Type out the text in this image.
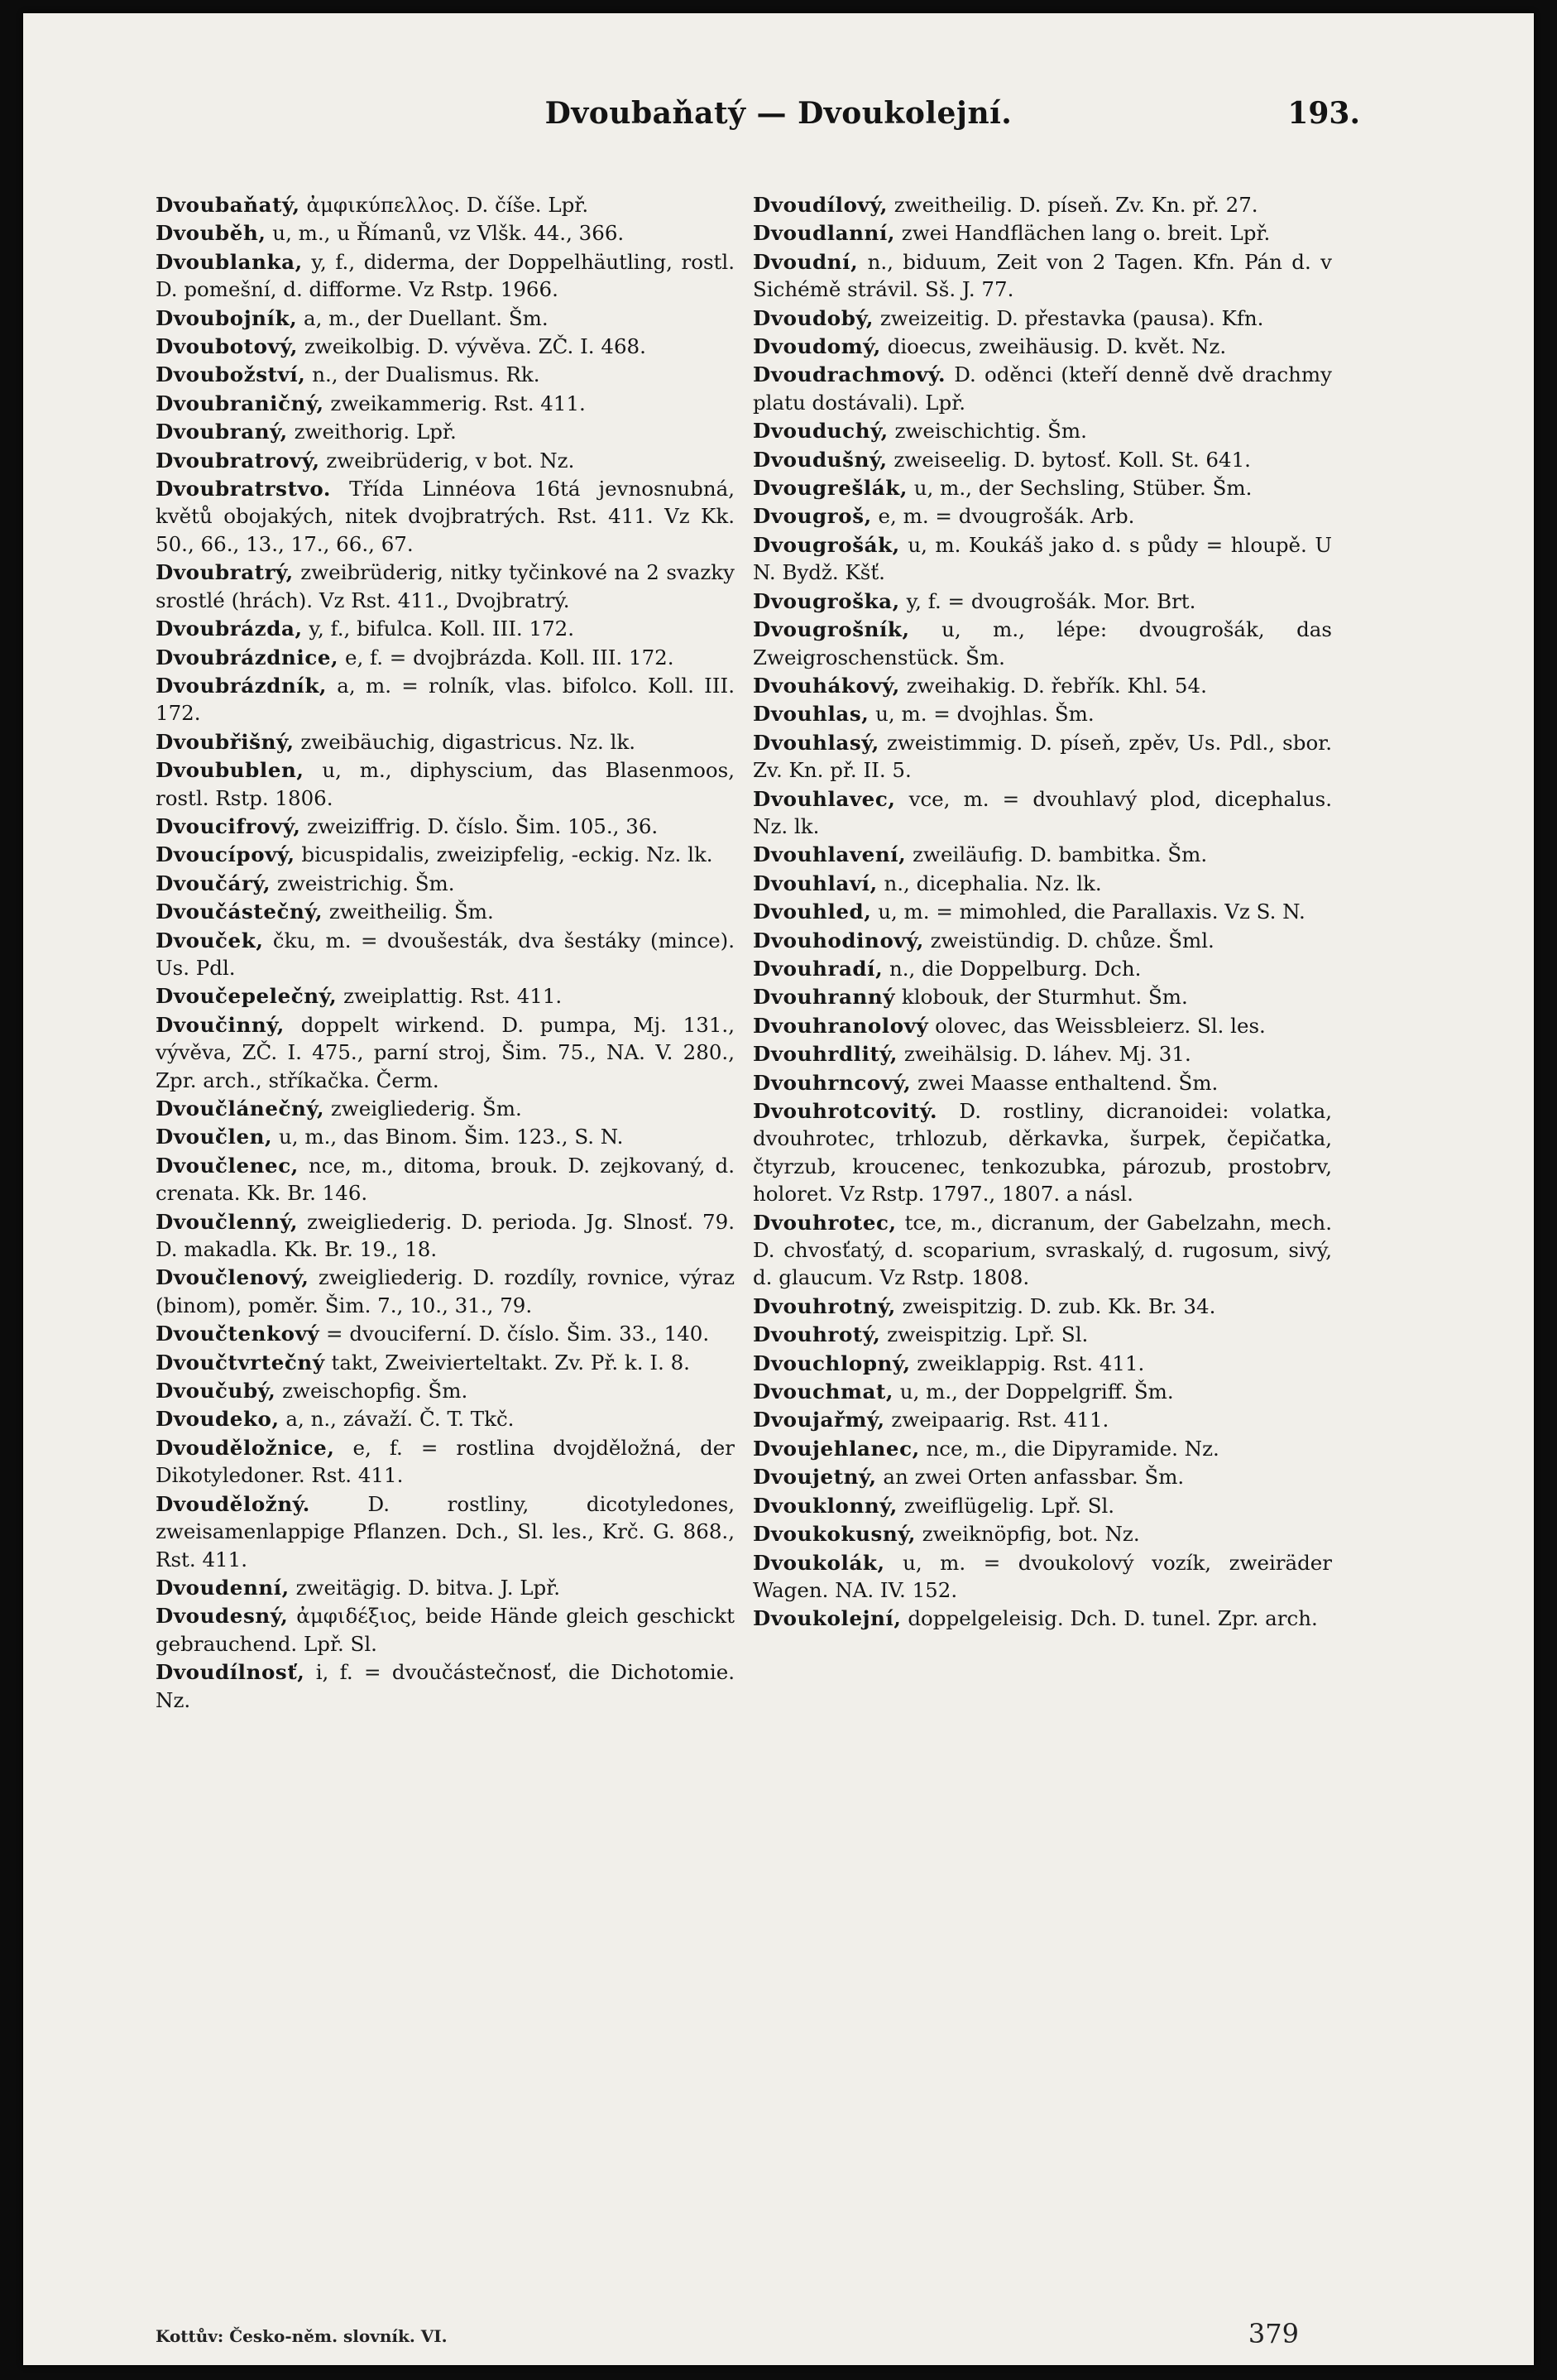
Dvoubaňatý — Dvoukolejní.	193.
Dvoubaňatý, ἀμφικύπελλος. D. číše. Lpř.
Dvouběh, u, m., u Římanů, vz Vlšk. 44., 366.
Dvoublanka, y, f., diderma, der Doppelhäutling, rostl. D. pomešní, d. difforme. Vz Rstp. 1966.
Dvoubojník, a, m., der Duellant. Šm.
Dvoubotový, zweikolbig. D. vývěva. ZČ. I. 468.
Dvoubožství, n., der Dualismus. Rk.
Dvoubraničný, zweikammerig. Rst. 411.
Dvoubraný, zweithorig. Lpř.
Dvoubratrový, zweibrüderig, v bot. Nz.
Dvoubratrstvo. Třída Linnéova 16tá jevnosnubná, květů obojakých, nitek dvojbratrých. Rst. 411. Vz Kk. 50., 66., 13., 17., 66., 67.
Dvoubratrý, zweibrüderig, nitky tyčinkové na 2 svazky srostlé (hrách). Vz Rst. 411., Dvojbratrý.
Dvoubrázda, y, f., bifulca. Koll. III. 172.
Dvoubrázdnice, e, f. = dvojbrázda. Koll. III. 172.
Dvoubrázdník, a, m. = rolník, vlas. bifolco. Koll. III. 172.
Dvoubřišný, zweibäuchig, digastricus. Nz. lk.
Dvoubublen, u, m., diphyscium, das Blasenmoos, rostl. Rstp. 1806.
Dvoucifrový, zweiziffrig. D. číslo. Šim. 105., 36.
Dvoucípový, bicuspidalis, zweizipfelig, -eckig. Nz. lk.
Dvoučárý, zweistrichig. Šm.
Dvoučástečný, zweitheilig. Šm.
Dvouček, čku, m. = dvoušesták, dva šestáky (mince). Us. Pdl.
Dvoučepelečný, zweiplattig. Rst. 411.
Dvoučinný, doppelt wirkend. D. pumpa, Mj. 131., vývěva, ZČ. I. 475., parní stroj, Šim. 75., NA. V. 280., Zpr. arch., stříkačka. Čerm.
Dvoučlánečný, zweigliederig. Šm.
Dvoučlen, u, m., das Binom. Šim. 123., S. N.
Dvoučlenec, nce, m., ditoma, brouk. D. zejkovaný, d. crenata. Kk. Br. 146.
Dvoučlenný, zweigliederig. D. perioda. Jg. Slnosť. 79. D. makadla. Kk. Br. 19., 18.
Dvoučlenový, zweigliederig. D. rozdíly, rovnice, výraz (binom), poměr. Šim. 7., 10., 31., 79.
Dvoučtenkový = dvouciferní. D. číslo. Šim. 33., 140.
Dvoučtvrtečný takt, Zweivierteltakt. Zv. Př. k. I. 8.
Dvoučubý, zweischopfig. Šm.
Dvoudeko, a, n., závaží. Č. T. Tkč.
Dvouděložnice, e, f. = rostlina dvojděložná, der Dikotyledoner. Rst. 411.
Dvouděložný. D. rostliny, dicotyledones, zweisamenlappige Pflanzen. Dch., Sl. les., Krč. G. 868., Rst. 411.
Dvoudenní, zweitägig. D. bitva. J. Lpř.
Dvoudesný, ἀμφιδέξιος, beide Hände gleich geschickt gebrauchend. Lpř. Sl.
Dvoudílnosť, i, f. = dvoučástečnosť, die Dichotomie. Nz.
Dvoudílový, zweitheilig. D. píseň. Zv. Kn. př. 27.
Dvoudlanní, zwei Handflächen lang o. breit. Lpř.
Dvoudní, n., biduum, Zeit von 2 Tagen. Kfn. Pán d. v Sichémě strávil. Sš. J. 77.
Dvoudobý, zweizeitig. D. přestavka (pausa). Kfn.
Dvoudomý, dioecus, zweihäusig. D. květ. Nz.
Dvoudrachmový. D. oděnci (kteří denně dvě drachmy platu dostávali). Lpř.
Dvouduchý, zweischichtig. Šm.
Dvoudušný, zweiseelig. D. bytosť. Koll. St. 641.
Dvougrešlák, u, m., der Sechsling, Stüber. Šm.
Dvougroš, e, m. = dvougrošák. Arb.
Dvougrošák, u, m. Koukáš jako d. s půdy = hloupě. U N. Bydž. Kšť.
Dvougroška, y, f. = dvougrošák. Mor. Brt.
Dvougrošník, u, m., lépe: dvougrošák, das Zweigroschenstück. Šm.
Dvouhákový, zweihakig. D. řebřík. Khl. 54.
Dvouhlas, u, m. = dvojhlas. Šm.
Dvouhlasý, zweistimmig. D. píseň, zpěv, Us. Pdl., sbor. Zv. Kn. př. II. 5.
Dvouhlavec, vce, m. = dvouhlavý plod, dicephalus. Nz. lk.
Dvouhlavení, zweiläufig. D. bambitka. Šm.
Dvouhlaví, n., dicephalia. Nz. lk.
Dvouhled, u, m. = mimohled, die Parallaxis. Vz S. N.
Dvouhodinový, zweistündig. D. chůze. Šml.
Dvouhradí, n., die Doppelburg. Dch.
Dvouhranný klobouk, der Sturmhut. Šm.
Dvouhranolový olovec, das Weissbleierz. Sl. les.
Dvouhrdlitý, zweihälsig. D. láhev. Mj. 31.
Dvouhrncový, zwei Maasse enthaltend. Šm.
Dvouhrotcovitý. D. rostliny, dicranoidei: volatka, dvouhrotec, trhlozub, děrkavka, šurpek, čepičatka, čtyrzub, kroucenec, tenkozubka, pározub, prostobrv, holoret. Vz Rstp. 1797., 1807. a násl.
Dvouhrotec, tce, m., dicranum, der Gabelzahn, mech. D. chvosťatý, d. scoparium, svraskalý, d. rugosum, sivý, d. glaucum. Vz Rstp. 1808.
Dvouhrotný, zweispitzig. D. zub. Kk. Br. 34.
Dvouhrotý, zweispitzig. Lpř. Sl.
Dvouchlopný, zweiklappig. Rst. 411.
Dvouchmat, u, m., der Doppelgriff. Šm.
Dvoujařmý, zweipaarig. Rst. 411.
Dvoujehlanec, nce, m., die Dipyramide. Nz.
Dvoujetný, an zwei Orten anfassbar. Šm.
Dvouklonný, zweiflügelig. Lpř. Sl.
Dvoukokusný, zweiknöpfig, bot. Nz.
Dvoukolák, u, m. = dvoukolový vozík, zweiräder Wagen. NA. IV. 152.
Dvoukolejní, doppelgeleisig. Dch. D. tunel. Zpr. arch.
Kottův: Česko-něm. slovník. VI.	379
